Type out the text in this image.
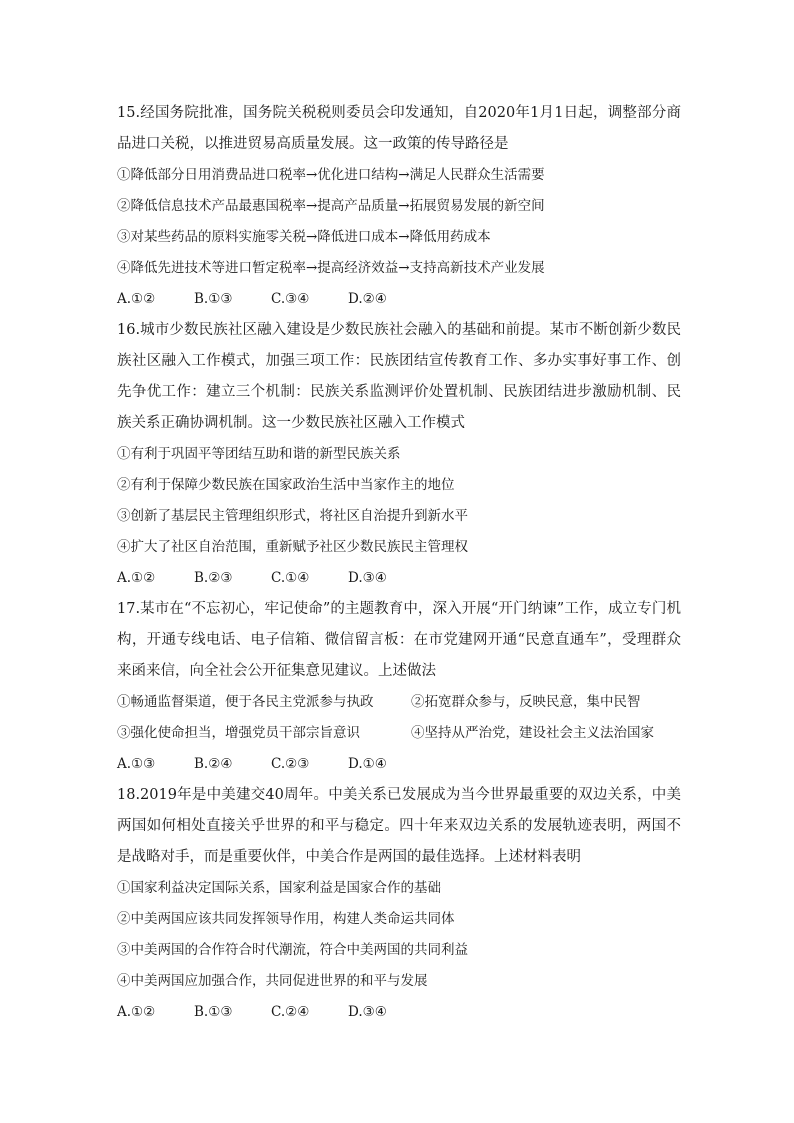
15.经国务院批准，国务院关税税则委员会印发通知，自2020年1月1日起，调整部分商品进口关税，以推进贸易高质量发展。这一政策的传导路径是

①降低部分日用消费品进口税率→优化进口结构→满足人民群众生活需要

②降低信息技术产品最惠国税率→提高产品质量→拓展贸易发展的新空间

③对某些药品的原料实施零关税→降低进口成本→降低用药成本

④降低先进技术等进口暂定税率→提高经济效益→支持高新技术产业发展

A.①②	B.①③	C.③④	D.②④

16.城市少数民族社区融入建设是少数民族社会融入的基础和前提。某市不断创新少数民族社区融入工作模式，加强三项工作：民族团结宣传教育工作、多办实事好事工作、创先争优工作：建立三个机制：民族关系监测评价处置机制、民族团结进步激励机制、民族关系正确协调机制。这一少数民族社区融入工作模式

①有利于巩固平等团结互助和谐的新型民族关系

②有利于保障少数民族在国家政治生活中当家作主的地位

③创新了基层民主管理组织形式，将社区自治提升到新水平

④扩大了社区自治范围，重新赋予社区少数民族民主管理权

A.①②	B.②③	C.①④	D.③④

17.某市在“不忘初心，牢记使命”的主题教育中，深入开展“开门纳谏”工作，成立专门机构，开通专线电话、电子信箱、微信留言板：在市党建网开通“民意直通车”，受理群众来函来信，向全社会公开征集意见建议。上述做法

①畅通监督渠道，便于各民主党派参与执政	②拓宽群众参与，反映民意，集中民智
③强化使命担当，增强党员干部宗旨意识	④坚持从严治党，建设社会主义法治国家
A.①③	B.②④	C.②③	D.①④

18.2019年是中美建交40周年。中美关系已发展成为当今世界最重要的双边关系，中美两国如何相处直接关乎世界的和平与稳定。四十年来双边关系的发展轨迹表明，两国不是战略对手，而是重要伙伴，中美合作是两国的最佳选择。上述材料表明

①国家利益决定国际关系，国家利益是国家合作的基础

②中美两国应该共同发挥领导作用，构建人类命运共同体

③中美两国的合作符合时代潮流，符合中美两国的共同利益

④中美两国应加强合作，共同促进世界的和平与发展

A.①②	B.①③	C.②④	D.③④
